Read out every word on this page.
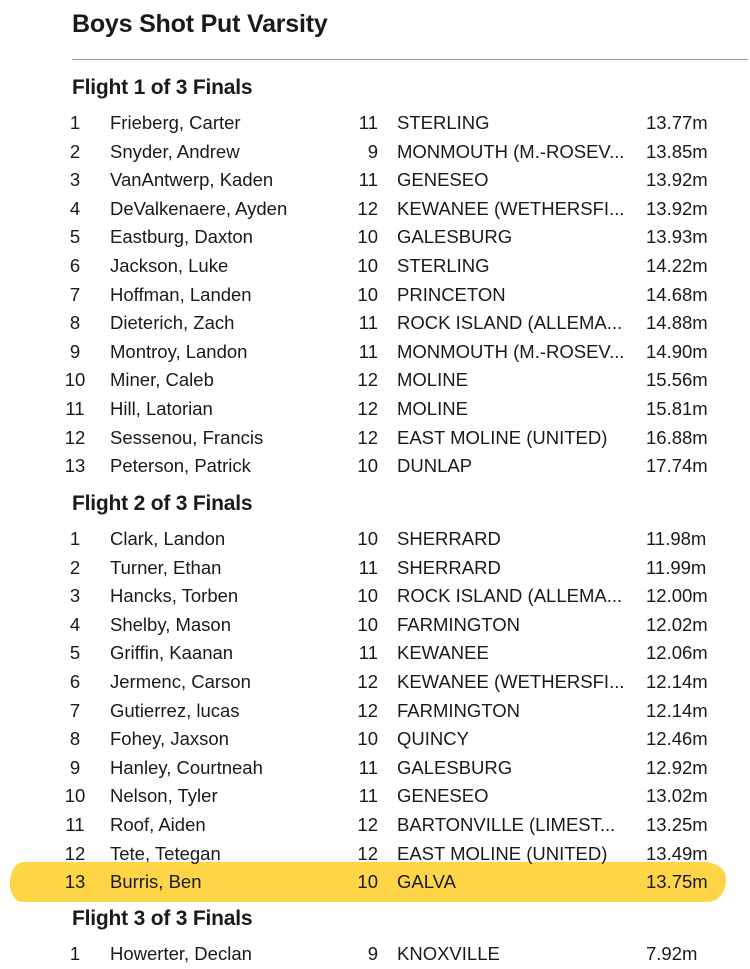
Boys Shot Put Varsity
Flight 1 of 3 Finals
1	Frieberg, Carter	11 STERLING	13.77m
2	Snyder, Andrew	9 MONMOUTH (M.-ROSEV... 13.85m
3	VanAntwerp, Kaden	11 GENESEO	13.92m
4	DeValkenaere, Ayden	12 KEWANEE (WETHERSFI... 13.92m
5	Eastburg, Daxton	10 GALESBURG	13.93m
6	Jackson, Luke	10 STERLING	14.22m
7	Hoffman, Landen	10 PRINCETON	14.68m
8	Dieterich, Zach	11 ROCK ISLAND (ALLEMA... 14.88m
9	Montroy, Landon	11 MONMOUTH (M.-ROSEV... 14.90m
10 Miner, Caleb	12 MOLINE	15.56m
11 Hill, Latorian	12 MOLINE	15.81m
12 Sessenou, Francis	12 EAST MOLINE (UNITED) 16.88m
13 Peterson, Patrick	10 DUNLAP	17.74m
Flight 2 of 3 Finals
1	Clark, Landon	10 SHERRARD	11.98m
2	Turner, Ethan	11 SHERRARD	11.99m
3	Hancks, Torben	10 ROCK ISLAND (ALLEMA... 12.00m
4	Shelby, Mason	10 FARMINGTON	12.02m
5	Griffin, Kaanan	11 KEWANEE	12.06m
6	Jermenc, Carson	12 KEWANEE (WETHERSFI... 12.14m
7	Gutierrez, lucas	12 FARMINGTON	12.14m
8	Fohey, Jaxson	10 QUINCY	12.46m
9	Hanley, Courtneah	11 GALESBURG	12.92m
10 Nelson, Tyler	11 GENESEO	13.02m
11 Roof, Aiden	12 BARTONVILLE (LIMEST... 13.25m
12 Tete, Tetegan	12 EAST MOLINE (UNITED) 13.49m
13 Burris, Ben	10 GALVA	13.75m
Flight 3 of 3 Finals
1	Howerter, Declan	9 KNOXVILLE	7.92m
